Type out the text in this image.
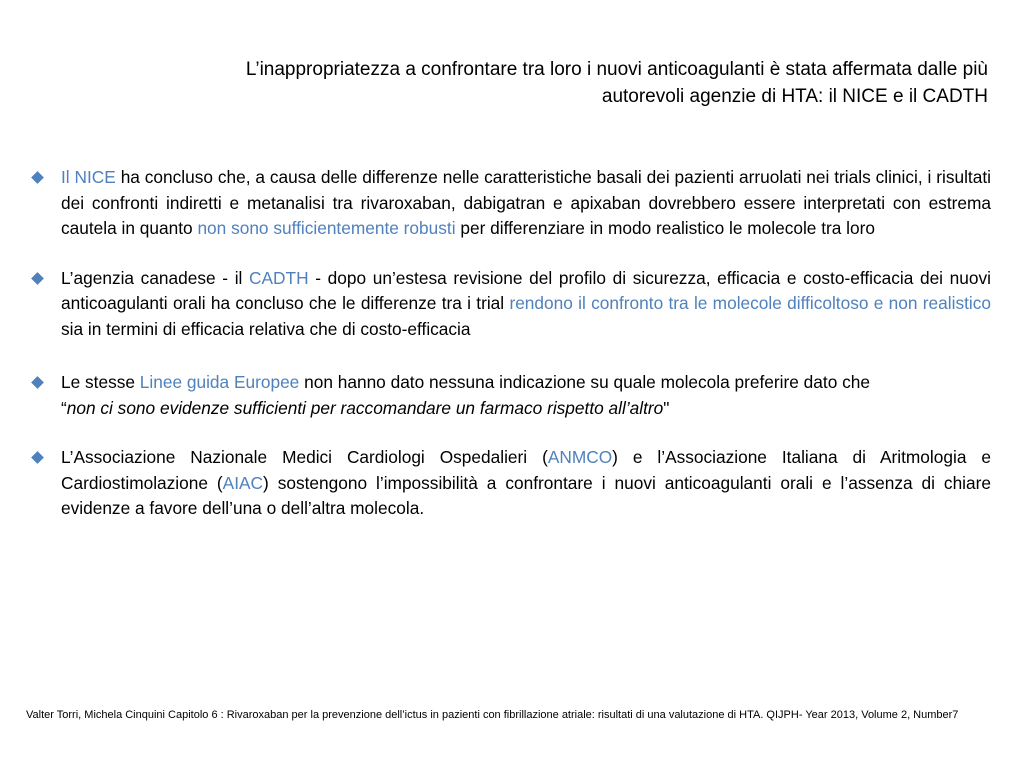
L’inappropriatezza a confrontare tra loro i nuovi anticoagulanti è stata affermata dalle più
autorevoli agenzie di HTA: il NICE e il CADTH
Il NICE ha concluso che, a causa delle differenze nelle caratteristiche basali dei pazienti arruolati nei trials clinici, i risultati dei confronti indiretti e metanalisi tra rivaroxaban, dabigatran e apixaban dovrebbero essere interpretati con estrema cautela in quanto non sono sufficientemente robusti per differenziare in modo realistico le molecole tra loro
L’agenzia canadese - il CADTH - dopo un’estesa revisione del profilo di sicurezza, efficacia e costo-efficacia dei nuovi anticoagulanti orali ha concluso che le differenze tra i trial rendono il confronto tra le molecole difficoltoso e non realistico sia in termini di efficacia relativa che di costo-efficacia
Le stesse Linee guida Europee non hanno dato nessuna indicazione su quale molecola preferire dato che
“non ci sono evidenze sufficienti per raccomandare un farmaco rispetto all’altro"
L’Associazione Nazionale Medici Cardiologi Ospedalieri (ANMCO) e l’Associazione Italiana di Aritmologia e Cardiostimolazione (AIAC) sostengono l’impossibilità a confrontare i nuovi anticoagulanti orali e l’assenza di chiare evidenze a favore dell’una o dell’altra molecola.
Valter Torri, Michela Cinquini Capitolo 6 : Rivaroxaban per la prevenzione dell’ictus in pazienti con fibrillazione atriale: risultati di una valutazione di HTA. QIJPH- Year 2013, Volume 2, Number7
